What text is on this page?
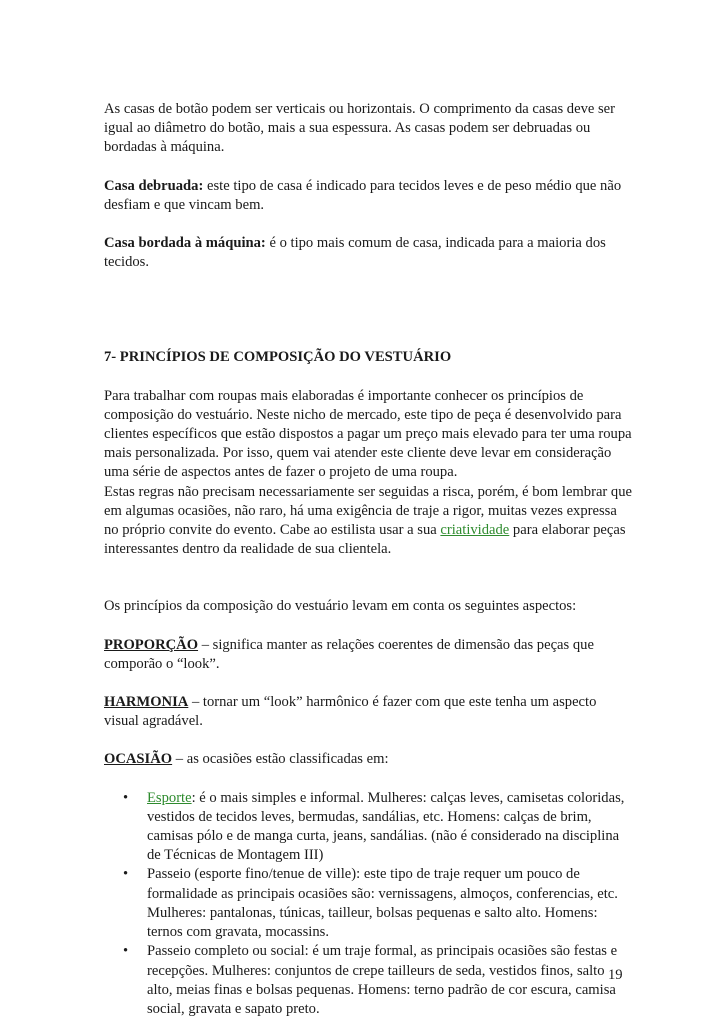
As casas de botão podem ser verticais ou horizontais. O comprimento da casas deve ser igual ao diâmetro do botão, mais a sua espessura. As casas podem ser debruadas ou bordadas à máquina.

Casa debruada: este tipo de casa é indicado para tecidos leves e de peso médio que não desfiam e que vincam bem.

Casa bordada à máquina: é o tipo mais comum de casa, indicada para a maioria dos tecidos.

7- PRINCÍPIOS DE COMPOSIÇÃO DO VESTUÁRIO

Para trabalhar com roupas mais elaboradas é importante conhecer os princípios de composição do vestuário. Neste nicho de mercado, este tipo de peça é desenvolvido para clientes específicos que estão dispostos a pagar um preço mais elevado para ter uma roupa mais personalizada. Por isso, quem vai atender este cliente deve levar em consideração uma série de aspectos antes de fazer o projeto de uma roupa.

Estas regras não precisam necessariamente ser seguidas a risca, porém, é bom lembrar que em algumas ocasiões, não raro, há uma exigência de traje a rigor, muitas vezes expressa no próprio convite do evento. Cabe ao estilista usar a sua criatividade para elaborar peças interessantes dentro da realidade de sua clientela.

Os princípios da composição do vestuário levam em conta os seguintes aspectos:

PROPORÇÃO – significa manter as relações coerentes de dimensão das peças que comporão o “look”.

HARMONIA – tornar um “look” harmônico é fazer com que este tenha um aspecto visual agradável.

OCASIÃO – as ocasiões estão classificadas em:

• Esporte: é o mais simples e informal. Mulheres: calças leves, camisetas coloridas, vestidos de tecidos leves, bermudas, sandálias, etc. Homens: calças de brim, camisas pólo e de manga curta, jeans, sandálias. (não é considerado na disciplina de Técnicas de Montagem III)
• Passeio (esporte fino/tenue de ville): este tipo de traje requer um pouco de formalidade as principais ocasiões são: vernissagens, almoços, conferencias, etc. Mulheres: pantalonas, túnicas, tailleur, bolsas pequenas e salto alto. Homens: ternos com gravata, mocassins.
• Passeio completo ou social: é um traje formal, as principais ocasiões são festas e recepções. Mulheres: conjuntos de crepe tailleurs de seda, vestidos finos, salto alto, meias finas e bolsas pequenas. Homens: terno padrão de cor escura, camisa social, gravata e sapato preto.
19
